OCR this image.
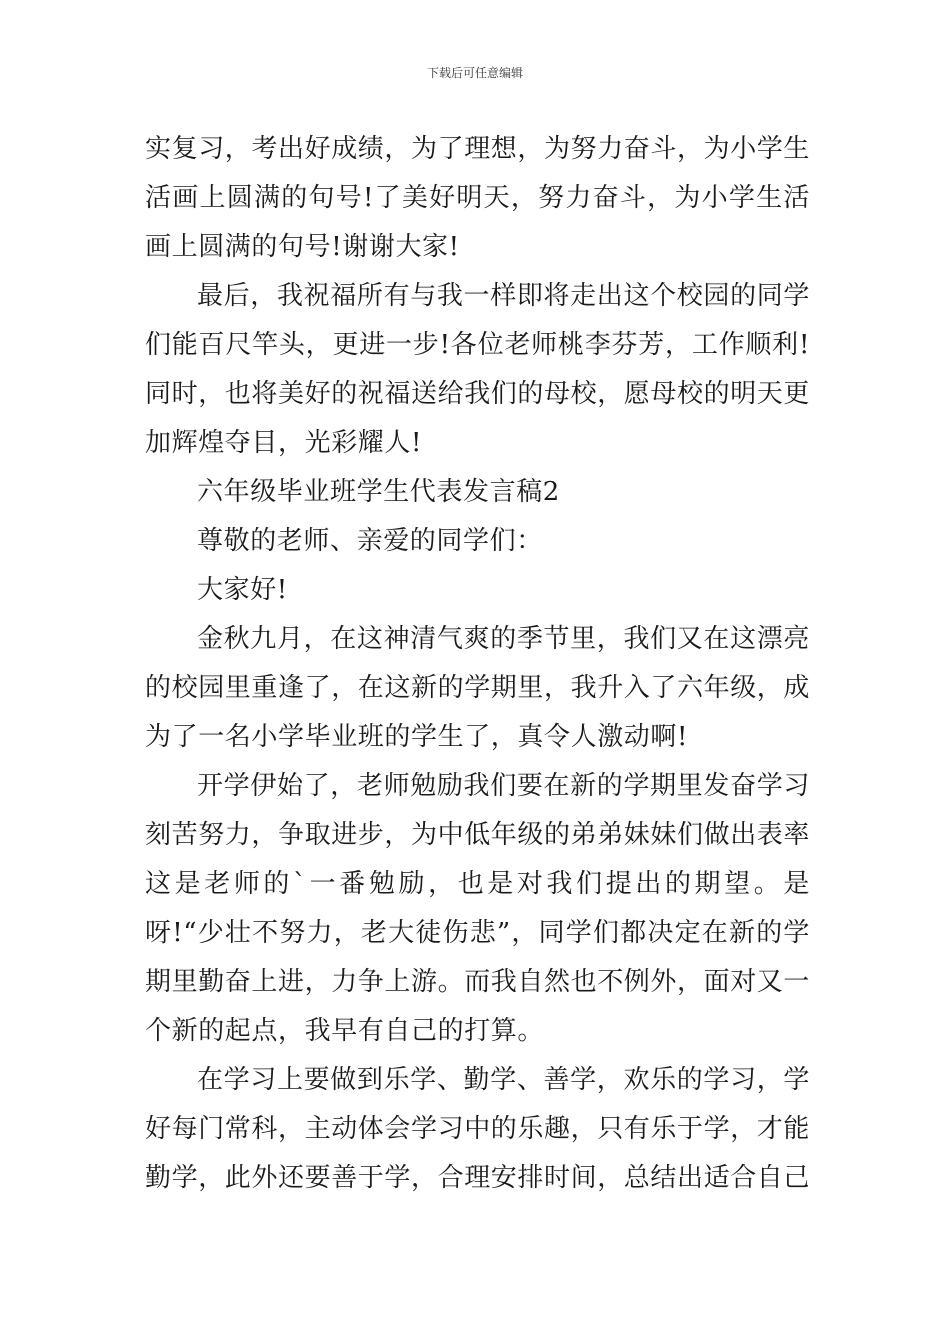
下载后可任意编辑

实复习，考出好成绩，为了理想，为努力奋斗，为小学生活画上圆满的句号!了美好明天，努力奋斗，为小学生活画上圆满的句号!谢谢大家!

最后，我祝福所有与我一样即将走出这个校园的同学们能百尺竿头，更进一步!各位老师桃李芬芳，工作顺利!同时，也将美好的祝福送给我们的母校，愿母校的明天更加辉煌夺目，光彩耀人!

六年级毕业班学生代表发言稿2

尊敬的老师、亲爱的同学们：

大家好!

金秋九月，在这神清气爽的季节里，我们又在这漂亮的校园里重逢了，在这新的学期里，我升入了六年级，成为了一名小学毕业班的学生了，真令人激动啊!

开学伊始了，老师勉励我们要在新的学期里发奋学习刻苦努力，争取进步，为中低年级的弟弟妹妹们做出表率这是老师的`一番勉励，也是对我们提出的期望。是呀!“少壮不努力，老大徒伤悲”，同学们都决定在新的学期里勤奋上进，力争上游。而我自然也不例外，面对又一个新的起点，我早有自己的打算。

在学习上要做到乐学、勤学、善学，欢乐的学习，学好每门常科，主动体会学习中的乐趣，只有乐于学，才能勤学，此外还要善于学，合理安排时间，总结出适合自己
